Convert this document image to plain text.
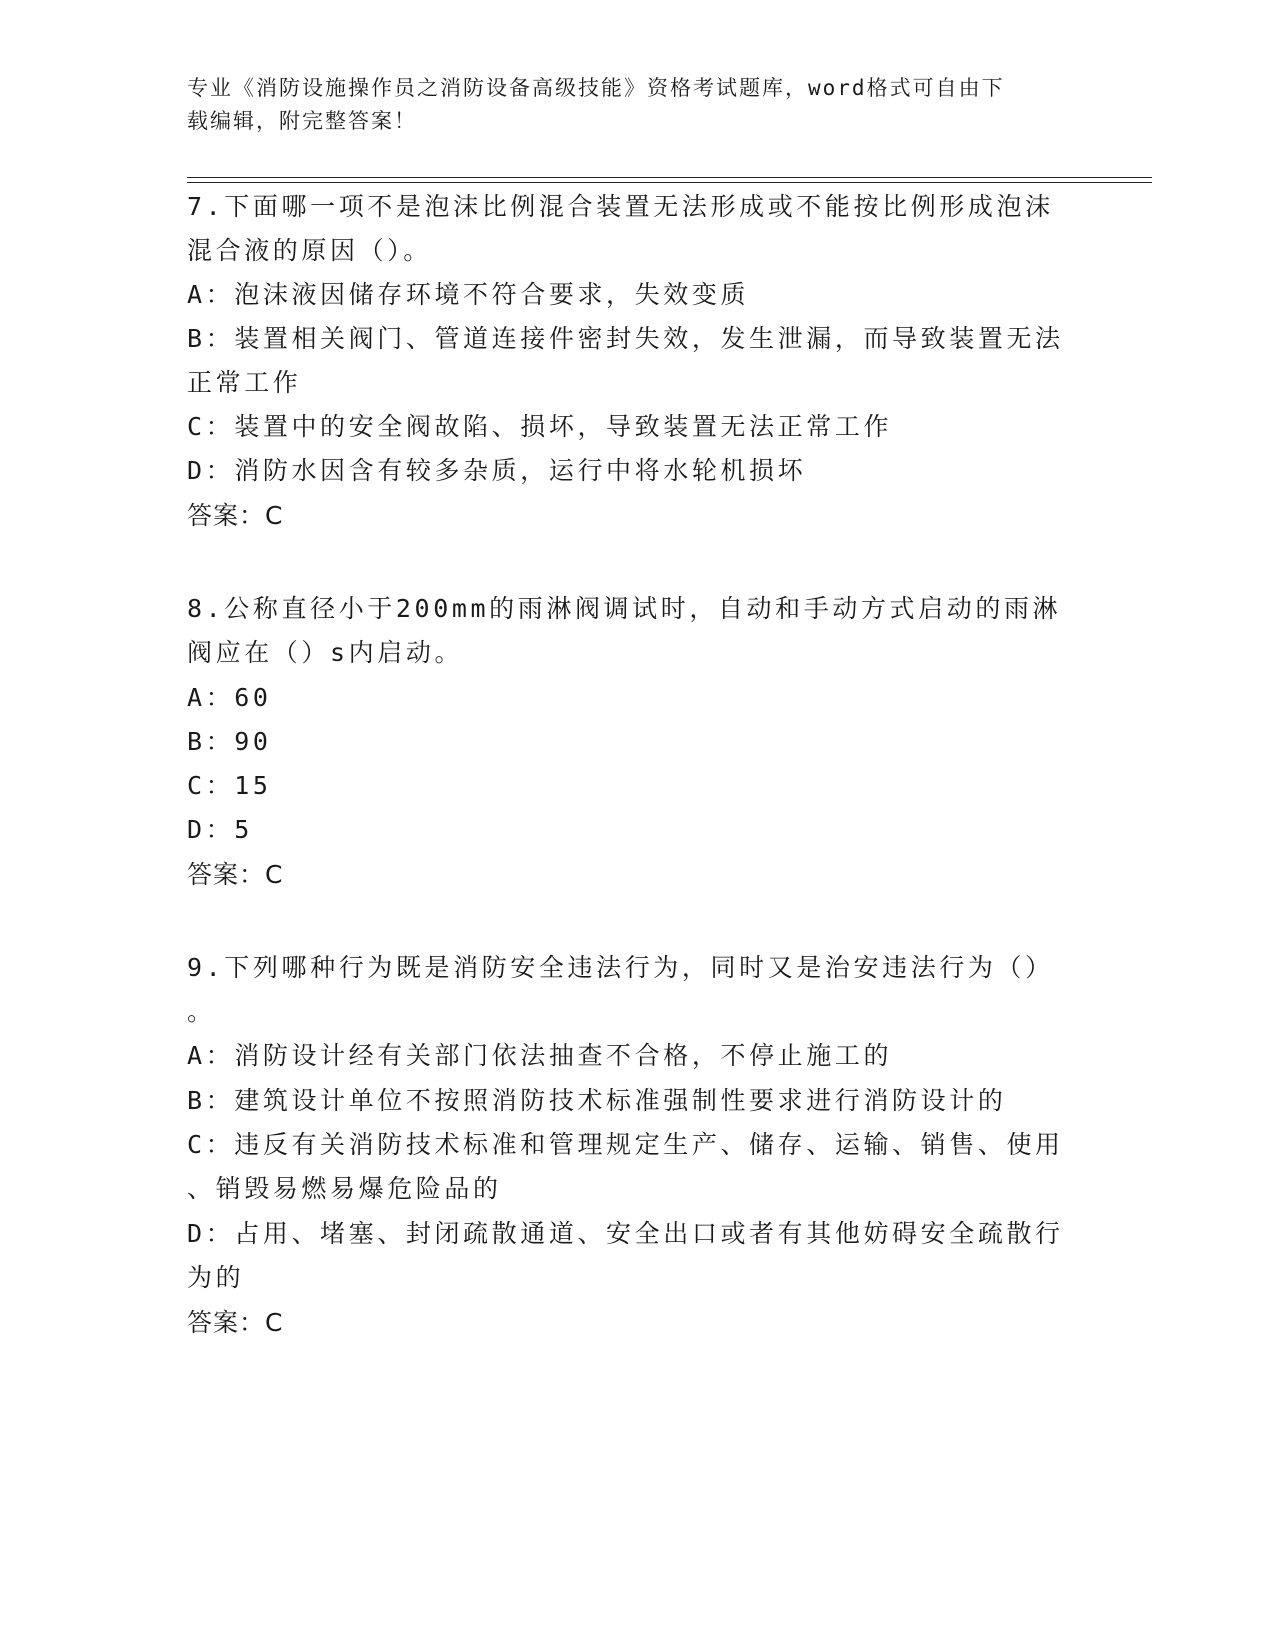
专业《消防设施操作员之消防设备高级技能》资格考试题库，word格式可自由下
载编辑，附完整答案！
7.下面哪一项不是泡沫比例混合装置无法形成或不能按比例形成泡沫
混合液的原因（）。
A：泡沫液因储存环境不符合要求，失效变质
B：装置相关阀门、管道连接件密封失效，发生泄漏，而导致装置无法
正常工作
C：装置中的安全阀故陷、损坏，导致装置无法正常工作
D：消防水因含有较多杂质，运行中将水轮机损坏
答案：C
8.公称直径小于200mm的雨淋阀调试时，自动和手动方式启动的雨淋
阀应在（）s内启动。
A：60
B：90
C：15
D：5
答案：C
9.下列哪种行为既是消防安全违法行为，同时又是治安违法行为（）
。
A：消防设计经有关部门依法抽查不合格，不停止施工的
B：建筑设计单位不按照消防技术标准强制性要求进行消防设计的
C：违反有关消防技术标准和管理规定生产、储存、运输、销售、使用
、销毁易燃易爆危险品的
D：占用、堵塞、封闭疏散通道、安全出口或者有其他妨碍安全疏散行
为的
答案：C
